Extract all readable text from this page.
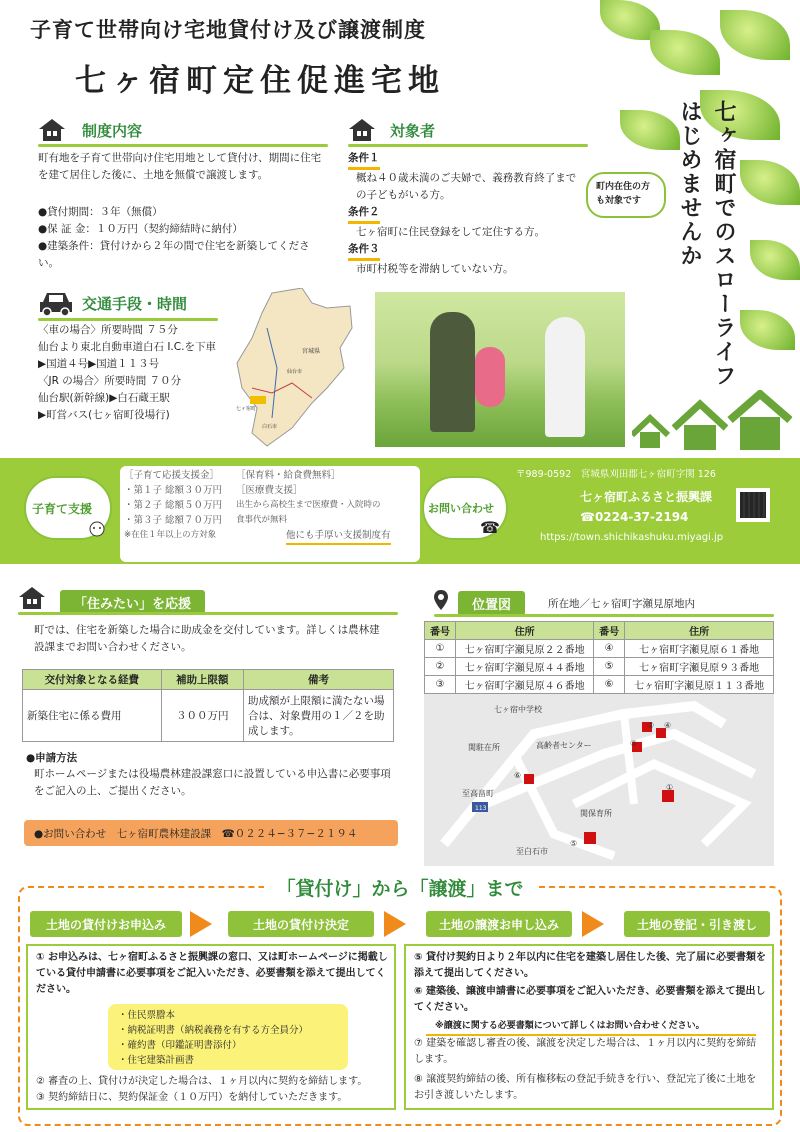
子育て世帯向け宅地貸付け及び譲渡制度
七ヶ宿町定住促進宅地
七ヶ宿町でのスローライフはじめませんか
制度内容
町有地を子育て世帯向け住宅用地として貸付け、期間に住宅を建て居住した後に、土地を無償で譲渡します。
●貸付期間：３年（無償）
●保 証 金：１０万円（契約締結時に納付）
●建築条件：貸付けから２年の間で住宅を新築してください。
対象者
条件１
概ね４０歳未満のご夫婦で、義務教育終了までの子どもがいる方。
条件２
七ヶ宿町に住民登録をして定住する方。
条件３
市町村税等を滞納していない方。
町内在住の方も対象です
交通手段・時間
〈車の場合〉所要時間 ７５分
仙台より東北自動車道白石 I.C.を下車
▶国道４号▶国道１１３号
〈JR の場合〉所要時間 ７０分
仙台駅(新幹線)▶白石蔵王駅
▶町営バス(七ヶ宿町役場行)
宮城県
七ヶ宿町
仙台市
白石市
子育て支援
［子育て応援支援金］
・第１子 総額３０万円
・第２子 総額５０万円
・第３子 総額７０万円
※在住１年以上の方対象
［保育料・給食費無料］
［医療費支援］
出生から高校生まで医療費・入院時の
食事代が無料
他にも手厚い支援制度有
お問い合わせ
☎
〒989-0592　宮城県刈田郡七ヶ宿町字関 126
七ヶ宿町ふるさと振興課
☎0224-37-2194
https://town.shichikashuku.miyagi.jp
「住みたい」を応援
町では、住宅を新築した場合に助成金を交付しています。詳しくは農林建設課までお問い合わせください。
交付対象となる経費	補助上限額	備考
新築住宅に係る費用	３００万円	助成額が上限額に満たない場合は、対象費用の１／２を助成します。
●申請方法
町ホームページまたは役場農林建設課窓口に設置している申込書に必要事項をご記入の上、ご提出ください。
●お問い合わせ　七ヶ宿町農林建設課　☎０２２４−３７−２１９４
位置図	所在地／七ヶ宿町字瀬見原地内
番号	住所	番号	住所
①	七ヶ宿町字瀬見原２２番地	④	七ヶ宿町字瀬見原６１番地
②	七ヶ宿町字瀬見原４４番地	⑤	七ヶ宿町字瀬見原９３番地
③	七ヶ宿町字瀬見原４６番地	⑥	七ヶ宿町字瀬見原１１３番地
② ④
③
①
⑤
⑥
七ヶ宿中学校
関駐在所	高齢者センター
至高畠町
関保育所
至白石市
113
「貸付け」から「譲渡」まで
土地の貸付けお申込み	土地の貸付け決定	土地の譲渡お申し込み	土地の登記・引き渡し
① お申込みは、七ヶ宿町ふるさと振興課の窓口、又は町ホームページに掲載している貸付申請書に必要事項をご記入いただき、必要書類を添えて提出してください。
・住民票謄本
・納税証明書（納税義務を有する方全員分）
・確約書（印鑑証明書添付）
・住宅建築計画書
② 審査の上、貸付けが決定した場合は、１ヶ月以内に契約を締結します。
③ 契約締結日に、契約保証金（１０万円）を納付していただきます。
⑤ 貸付け契約日より２年以内に住宅を建築し居住した後、完了届に必要書類を添えて提出してください。
⑥ 建築後、譲渡申請書に必要事項をご記入いただき、必要書類を添えて提出してください。
　※譲渡に関する必要書類について詳しくはお問い合わせください。
⑦ 建築を確認し審査の後、譲渡を決定した場合は、１ヶ月以内に契約を締結します。
⑧ 譲渡契約締結の後、所有権移転の登記手続きを行い、登記完了後に土地をお引き渡しいたします。
